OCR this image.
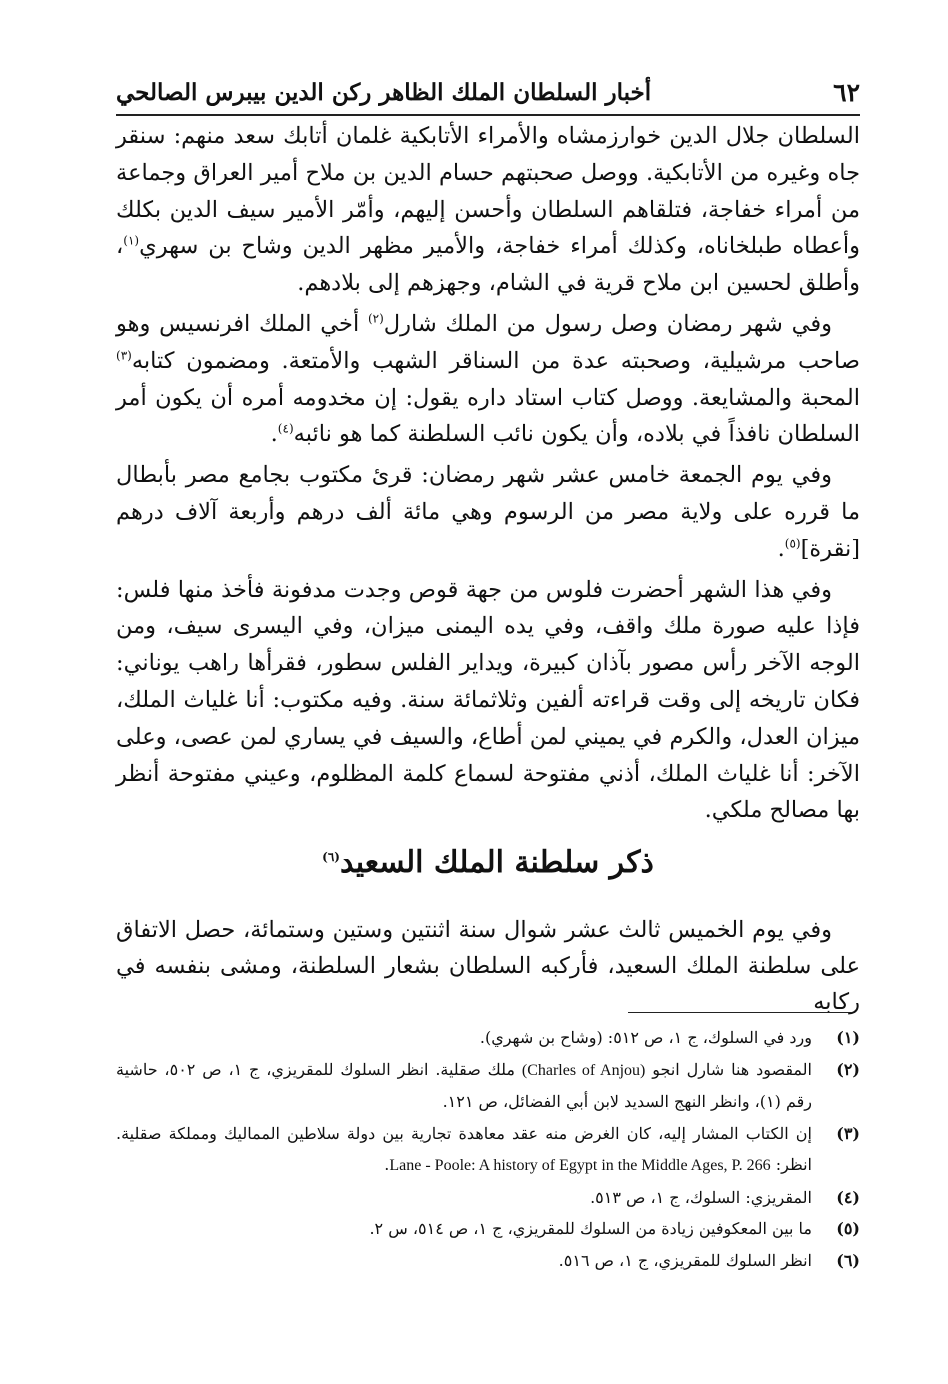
٦٢
أخبار السلطان الملك الظاهر ركن الدين بيبرس الصالحي

السلطان جلال الدين خوارزمشاه والأمراء الأتابكية غلمان أتابك سعد منهم: سنقر جاه وغيره من الأتابكية. ووصل صحبتهم حسام الدين بن ملاح أمير العراق وجماعة من أمراء خفاجة، فتلقاهم السلطان وأحسن إليهم، وأمّر الأمير سيف الدين بكلك وأعطاه طبلخاناه، وكذلك أمراء خفاجة، والأمير مظهر الدين وشاح بن سهري$^{(١)}$، وأطلق لحسين ابن ملاح قرية في الشام، وجهزهم إلى بلادهم.

وفي شهر رمضان وصل رسول من الملك شارل$^{(٢)}$ أخي الملك افرنسيس وهو صاحب مرشيلية، وصحبته عدة من السناقر الشهب والأمتعة. ومضمون كتابه$^{(٣)}$ المحبة والمشايعة. ووصل كتاب استاد داره يقول: إن مخدومه أمره أن يكون أمر السلطان نافذاً في بلاده، وأن يكون نائب السلطنة كما هو نائبه$^{(٤)}$.

وفي يوم الجمعة خامس عشر شهر رمضان: قرئ مكتوب بجامع مصر بأبطال ما قرره على ولاية مصر من الرسوم وهي مائة ألف درهم وأربعة آلاف درهم [نقرة]$^{(٥)}$.

وفي هذا الشهر أحضرت فلوس من جهة قوص وجدت مدفونة فأخذ منها فلس: فإذا عليه صورة ملك واقف، وفي يده اليمنى ميزان، وفي اليسرى سيف، ومن الوجه الآخر رأس مصور بآذان كبيرة، ويداير الفلس سطور، فقرأها راهب يوناني: فكان تاريخه إلى وقت قراءته ألفين وثلاثمائة سنة. وفيه مكتوب: أنا غلياث الملك، ميزان العدل، والكرم في يميني لمن أطاع، والسيف في يساري لمن عصى، وعلى الآخر: أنا غلياث الملك، أذني مفتوحة لسماع كلمة المظلوم، وعيني مفتوحة أنظر بها مصالح ملكي.

ذكر سلطنة الملك السعيد$^{(٦)}$

وفي يوم الخميس ثالث عشر شوال سنة اثنتين وستين وستمائة، حصل الاتفاق على سلطنة الملك السعيد، فأركبه السلطان بشعار السلطنة، ومشى بنفسه في ركابه

(١)
ورد في السلوك، ج ١، ص ٥١٢: (وشاح بن شهري).
(٢)
المقصود هنا شارل انجو (Charles of Anjou) ملك صقلية. انظر السلوك للمقريزي، ج ١، ص ٥٠٢، حاشية رقم (١)، وانظر النهج السديد لابن أبي الفضائل، ص ١٢١.
(٣)
إن الكتاب المشار إليه، كان الغرض منه عقد معاهدة تجارية بين دولة سلاطين المماليك ومملكة صقلية. انظر: Lane - Poole: A history of Egypt in the Middle Ages, P. 266.
(٤)
المقريزي: السلوك، ج ١، ص ٥١٣.
(٥)
ما بين المعكوفين زيادة من السلوك للمقريزي، ج ١، ص ٥١٤، س ٢.
(٦)
انظر السلوك للمقريزي، ج ١، ص ٥١٦.
